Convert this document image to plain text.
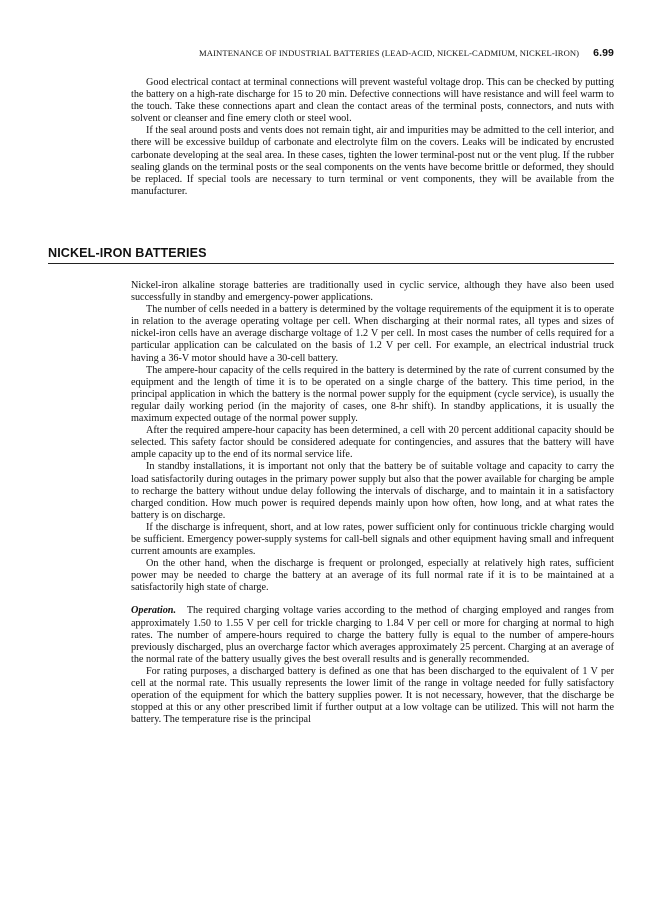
MAINTENANCE OF INDUSTRIAL BATTERIES (LEAD-ACID, NICKEL-CADMIUM, NICKEL-IRON) 6.99

Good electrical contact at terminal connections will prevent wasteful voltage drop. This can be checked by putting the battery on a high-rate discharge for 15 to 20 min. Defective connections will have resistance and will feel warm to the touch. Take these connections apart and clean the contact areas of the terminal posts, connectors, and nuts with solvent or cleanser and fine emery cloth or steel wool.

If the seal around posts and vents does not remain tight, air and impurities may be admitted to the cell interior, and there will be excessive buildup of carbonate and electrolyte film on the covers. Leaks will be indicated by encrusted carbonate developing at the seal area. In these cases, tighten the lower terminal-post nut or the vent plug. If the rubber sealing glands on the terminal posts or the seal components on the vents have become brittle or deformed, they should be replaced. If special tools are necessary to turn terminal or vent components, they will be available from the manufacturer.

NICKEL-IRON BATTERIES

Nickel-iron alkaline storage batteries are traditionally used in cyclic service, although they have also been used successfully in standby and emergency-power applications.

The number of cells needed in a battery is determined by the voltage requirements of the equipment it is to operate in relation to the average operating voltage per cell. When discharging at their normal rates, all types and sizes of nickel-iron cells have an average discharge voltage of 1.2 V per cell. In most cases the number of cells required for a particular application can be calculated on the basis of 1.2 V per cell. For example, an electrical industrial truck having a 36-V motor should have a 30-cell battery.

The ampere-hour capacity of the cells required in the battery is determined by the rate of current consumed by the equipment and the length of time it is to be operated on a single charge of the battery. This time period, in the principal application in which the battery is the normal power supply for the equipment (cycle service), is usually the regular daily working period (in the majority of cases, one 8-hr shift). In standby applications, it is usually the maximum expected outage of the normal power supply.

After the required ampere-hour capacity has been determined, a cell with 20 percent additional capacity should be selected. This safety factor should be considered adequate for contingencies, and assures that the battery will have ample capacity up to the end of its normal service life.

In standby installations, it is important not only that the battery be of suitable voltage and capacity to carry the load satisfactorily during outages in the primary power supply but also that the power available for charging be ample to recharge the battery without undue delay following the intervals of discharge, and to maintain it in a satisfactory charged condition. How much power is required depends mainly upon how often, how long, and at what rates the battery is on discharge.

If the discharge is infrequent, short, and at low rates, power sufficient only for continuous trickle charging would be sufficient. Emergency power-supply systems for call-bell signals and other equipment having small and infrequent current amounts are examples.

On the other hand, when the discharge is frequent or prolonged, especially at relatively high rates, sufficient power may be needed to charge the battery at an average of its full normal rate if it is to be maintained at a satisfactorily high state of charge.

Operation. The required charging voltage varies according to the method of charging employed and ranges from approximately 1.50 to 1.55 V per cell for trickle charging to 1.84 V per cell or more for charging at normal to high rates. The number of ampere-hours required to charge the battery fully is equal to the number of ampere-hours previously discharged, plus an overcharge factor which averages approximately 25 percent. Charging at an average of the normal rate of the battery usually gives the best overall results and is generally recommended.

For rating purposes, a discharged battery is defined as one that has been discharged to the equivalent of 1 V per cell at the normal rate. This usually represents the lower limit of the range in voltage needed for fully satisfactory operation of the equipment for which the battery supplies power. It is not necessary, however, that the discharge be stopped at this or any other prescribed limit if further output at a low voltage can be utilized. This will not harm the battery. The temperature rise is the principal
